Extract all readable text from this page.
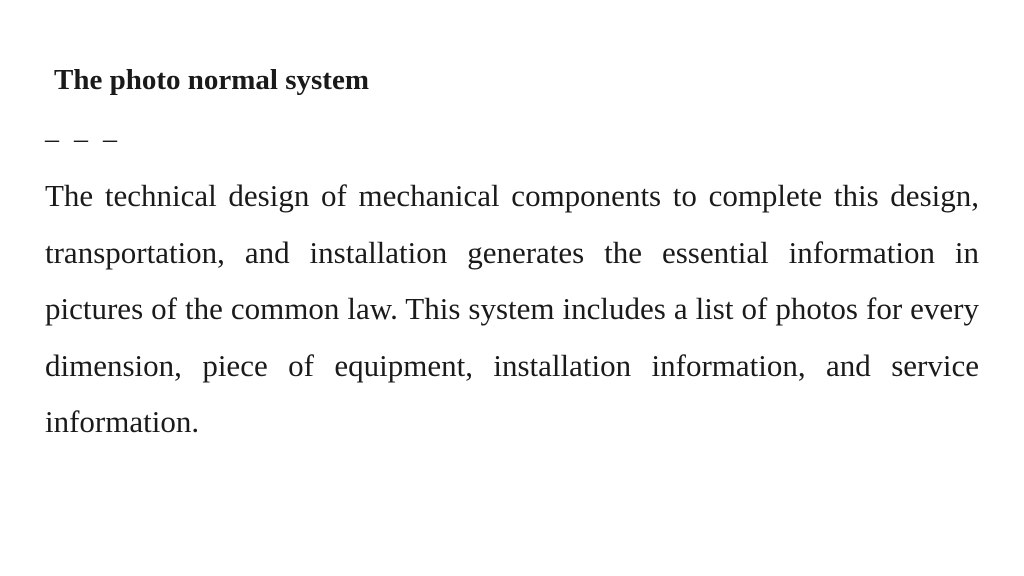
The photo normal system
– – –

The technical design of mechanical components to complete this design, transportation, and installation generates the essential information in pictures of the common law. This system includes a list of photos for every dimension, piece of equipment, installation information, and service information.
